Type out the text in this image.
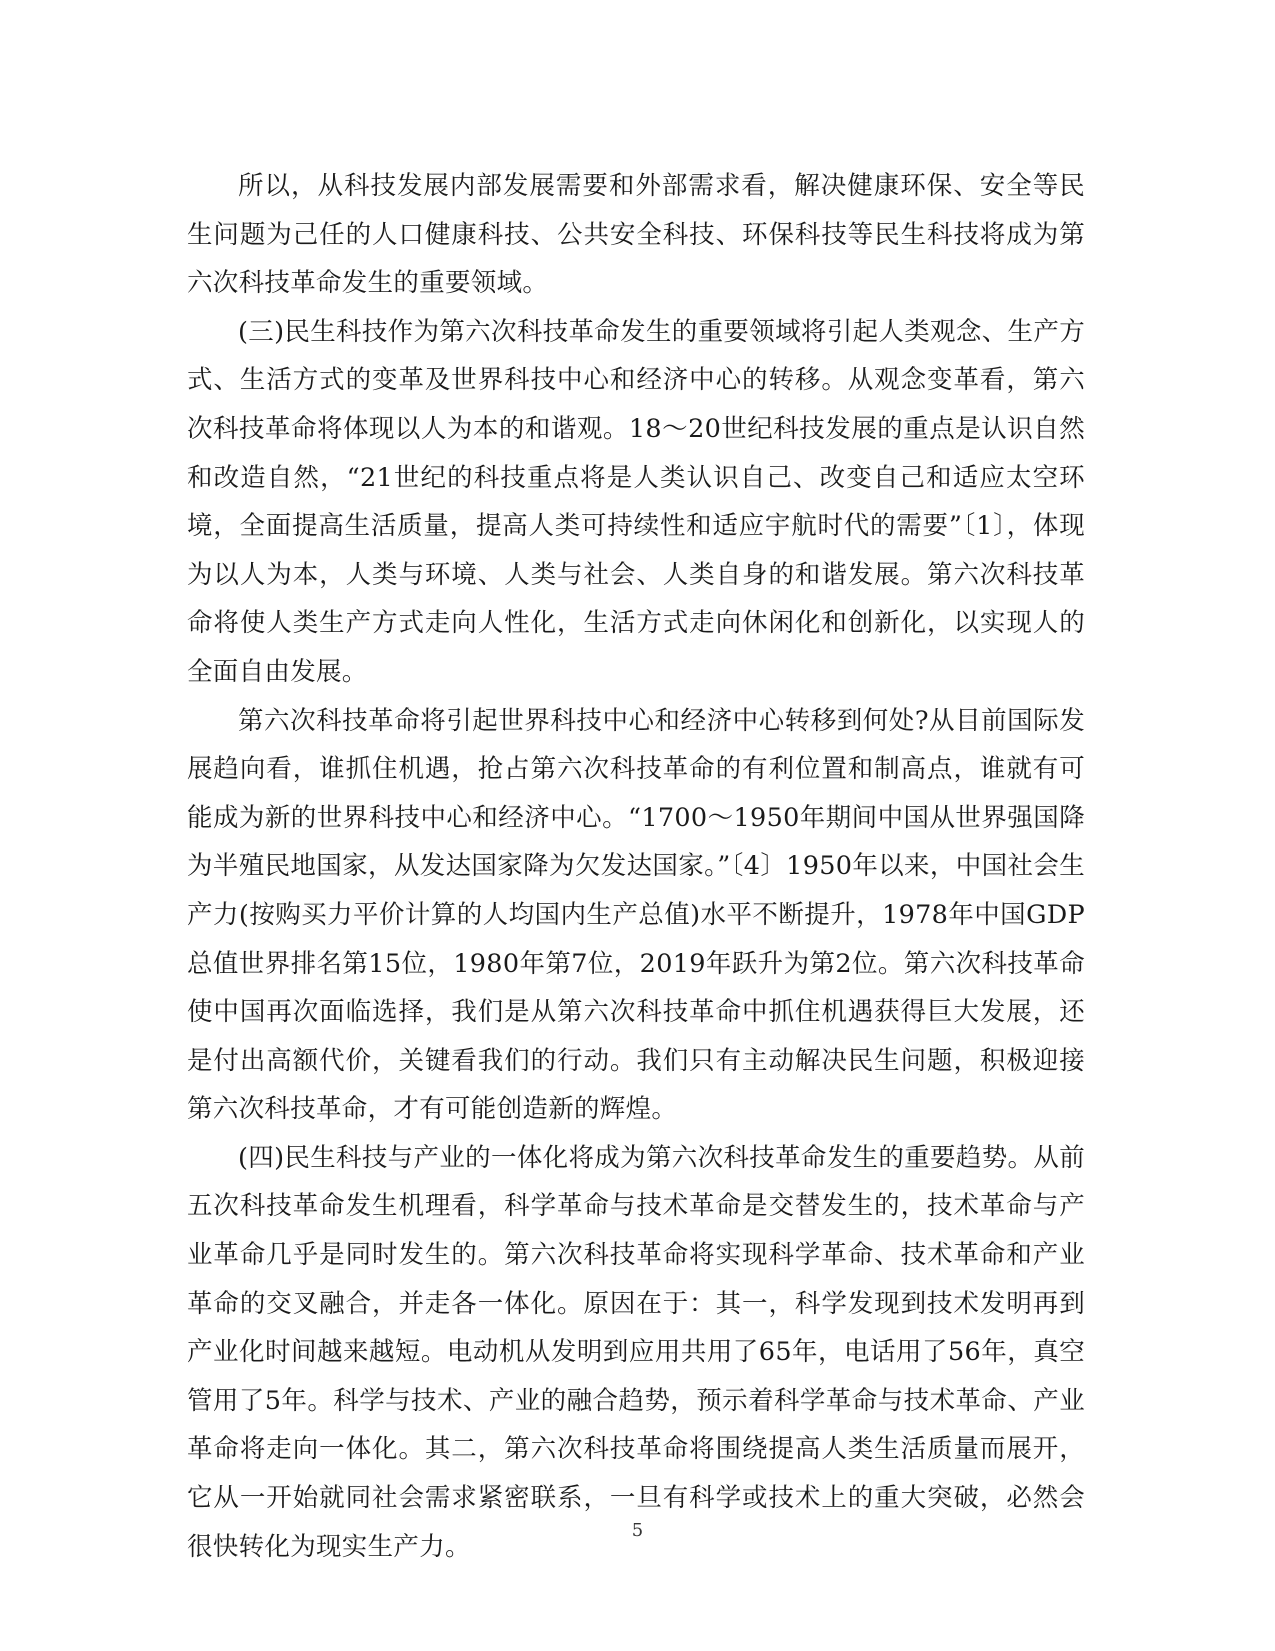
所以，从科技发展内部发展需要和外部需求看，解决健康环保、安全等民生问题为己任的人口健康科技、公共安全科技、环保科技等民生科技将成为第六次科技革命发生的重要领域。

(三)民生科技作为第六次科技革命发生的重要领域将引起人类观念、生产方式、生活方式的变革及世界科技中心和经济中心的转移。从观念变革看，第六次科技革命将体现以人为本的和谐观。18～20世纪科技发展的重点是认识自然和改造自然，“21世纪的科技重点将是人类认识自己、改变自己和适应太空环境，全面提高生活质量，提高人类可持续性和适应宇航时代的需要”〔1〕，体现为以人为本，人类与环境、人类与社会、人类自身的和谐发展。第六次科技革命将使人类生产方式走向人性化，生活方式走向休闲化和创新化，以实现人的全面自由发展。

第六次科技革命将引起世界科技中心和经济中心转移到何处?从目前国际发展趋向看，谁抓住机遇，抢占第六次科技革命的有利位置和制高点，谁就有可能成为新的世界科技中心和经济中心。“1700～1950年期间中国从世界强国降为半殖民地国家，从发达国家降为欠发达国家。”〔4〕1950年以来，中国社会生产力(按购买力平价计算的人均国内生产总值)水平不断提升，1978年中国GDP总值世界排名第15位，1980年第7位，2019年跃升为第2位。第六次科技革命使中国再次面临选择，我们是从第六次科技革命中抓住机遇获得巨大发展，还是付出高额代价，关键看我们的行动。我们只有主动解决民生问题，积极迎接第六次科技革命，才有可能创造新的辉煌。

(四)民生科技与产业的一体化将成为第六次科技革命发生的重要趋势。从前五次科技革命发生机理看，科学革命与技术革命是交替发生的，技术革命与产业革命几乎是同时发生的。第六次科技革命将实现科学革命、技术革命和产业革命的交叉融合，并走各一体化。原因在于：其一，科学发现到技术发明再到产业化时间越来越短。电动机从发明到应用共用了65年，电话用了56年，真空管用了5年。科学与技术、产业的融合趋势，预示着科学革命与技术革命、产业革命将走向一体化。其二，第六次科技革命将围绕提高人类生活质量而展开，它从一开始就同社会需求紧密联系，一旦有科学或技术上的重大突破，必然会很快转化为现实生产力。

5
